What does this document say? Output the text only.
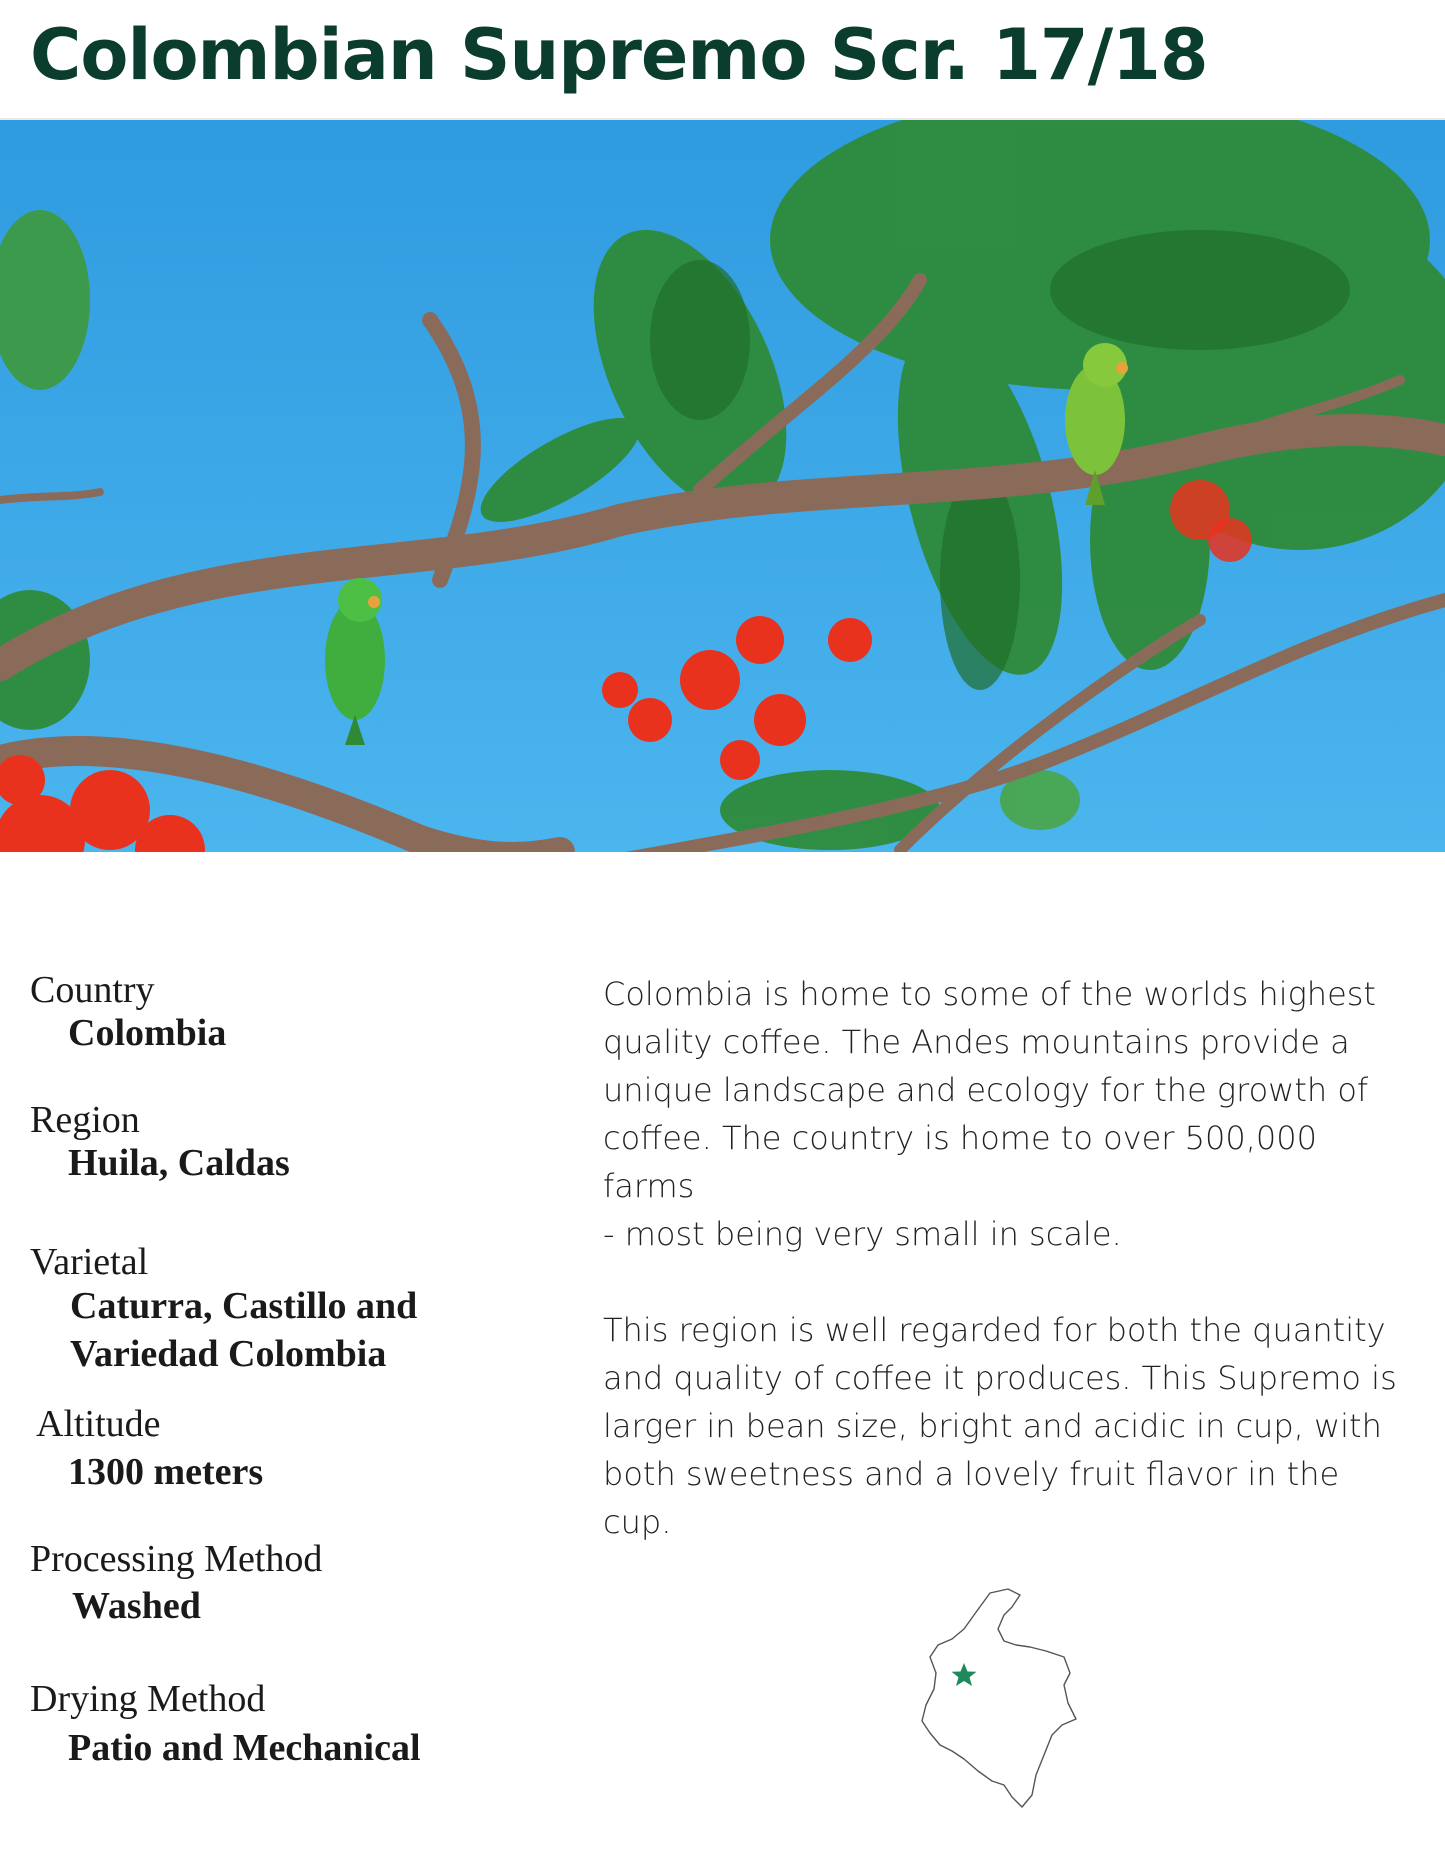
Colombian Supremo Scr. 17/18
Country
Colombia
Region
Huila, Caldas
Varietal
Caturra, Castillo and
Variedad Colombia
Altitude
1300 meters
Processing Method
Washed
Drying Method
Patio and Mechanical

Colombia is home to some of the worlds highest
quality coffee. The Andes mountains provide a
unique landscape and ecology for the growth of
coffee. The country is home to over 500,000 farms
- most being very small in scale.

This region is well regarded for both the quantity
and quality of coffee it produces. This Supremo is
larger in bean size, bright and acidic in cup, with
both sweetness and a lovely fruit flavor in the cup.
